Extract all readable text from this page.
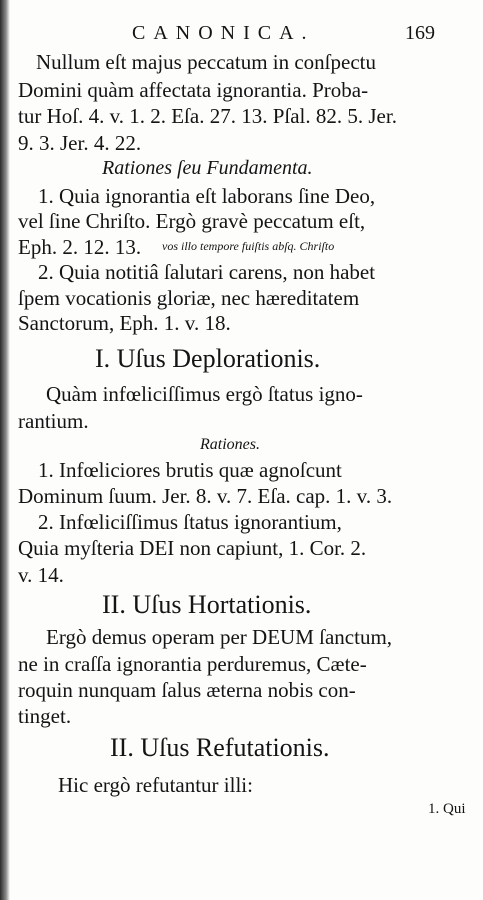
CANONICA.	169
Nullum eſt majus peccatum in conſpectu
Domini quàm affectata ignorantia. Proba-
tur Hoſ. 4. v. 1. 2. Eſa. 27. 13. Pſal. 82. 5. Jer.
9. 3. Jer. 4. 22.
Rationes ſeu Fundamenta.
1. Quia ignorantia eſt laborans ſine Deo,
vel ſine Chriſto. Ergò gravè peccatum eſt,
Eph. 2. 12. 13. vos illo tempore fuiſtis abſq. Chriſto
2. Quia notitiâ ſalutari carens, non habet
ſpem vocationis gloriæ, nec hæreditatem
Sanctorum, Eph. 1. v. 18.
I. Uſus Deplorationis.
Quàm infœliciſſimus ergò ſtatus igno-
rantium.
Rationes.
1. Infœliciores brutis quæ agnoſcunt
Dominum ſuum. Jer. 8. v. 7. Eſa. cap. 1. v. 3.
2. Infœliciſſimus ſtatus ignorantium,
Quia myſteria DEI non capiunt, 1. Cor. 2.
v. 14.
II. Uſus Hortationis.
Ergò demus operam per DEUM ſanctum,
ne in craſſa ignorantia perduremus, Cæte-
roquin nunquam ſalus æterna nobis con-
tinget.
II. Uſus Refutationis.
Hic ergò refutantur illi:
1. Qui
